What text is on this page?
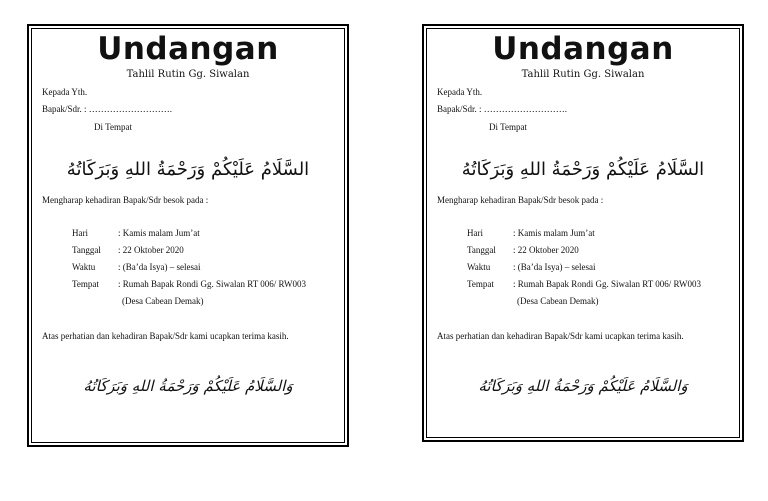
Undangan
Tahlil Rutin Gg. Siwalan
Kepada Yth.
Bapak/Sdr. : ……………………….
Di Tempat
السَّلَامُ عَلَيْكُمْ وَرَحْمَةُ اللهِ وَبَرَكَاتُهُ
Mengharap kehadiran Bapak/Sdr besok pada :
Hari	: Kamis malam Jum’at
Tanggal : 22 Oktober 2020
Waktu	: (Ba’da Isya) – selesai
Tempat : Rumah Bapak Rondi Gg. Siwalan RT 006/ RW003
(Desa Cabean Demak)
Atas perhatian dan kehadiran Bapak/Sdr kami ucapkan terima kasih.
وَالسَّلَامُ عَلَيْكُمْ وَرَحْمَةُ اللهِ وَبَرَكَاتُهُ
Undangan
Tahlil Rutin Gg. Siwalan
Kepada Yth.
Bapak/Sdr. : ……………………….
Di Tempat
السَّلَامُ عَلَيْكُمْ وَرَحْمَةُ اللهِ وَبَرَكَاتُهُ
Mengharap kehadiran Bapak/Sdr besok pada :
Hari	: Kamis malam Jum’at
Tanggal : 22 Oktober 2020
Waktu	: (Ba’da Isya) – selesai
Tempat : Rumah Bapak Rondi Gg. Siwalan RT 006/ RW003
(Desa Cabean Demak)
Atas perhatian dan kehadiran Bapak/Sdr kami ucapkan terima kasih.
وَالسَّلَامُ عَلَيْكُمْ وَرَحْمَةُ اللهِ وَبَرَكَاتُهُ
